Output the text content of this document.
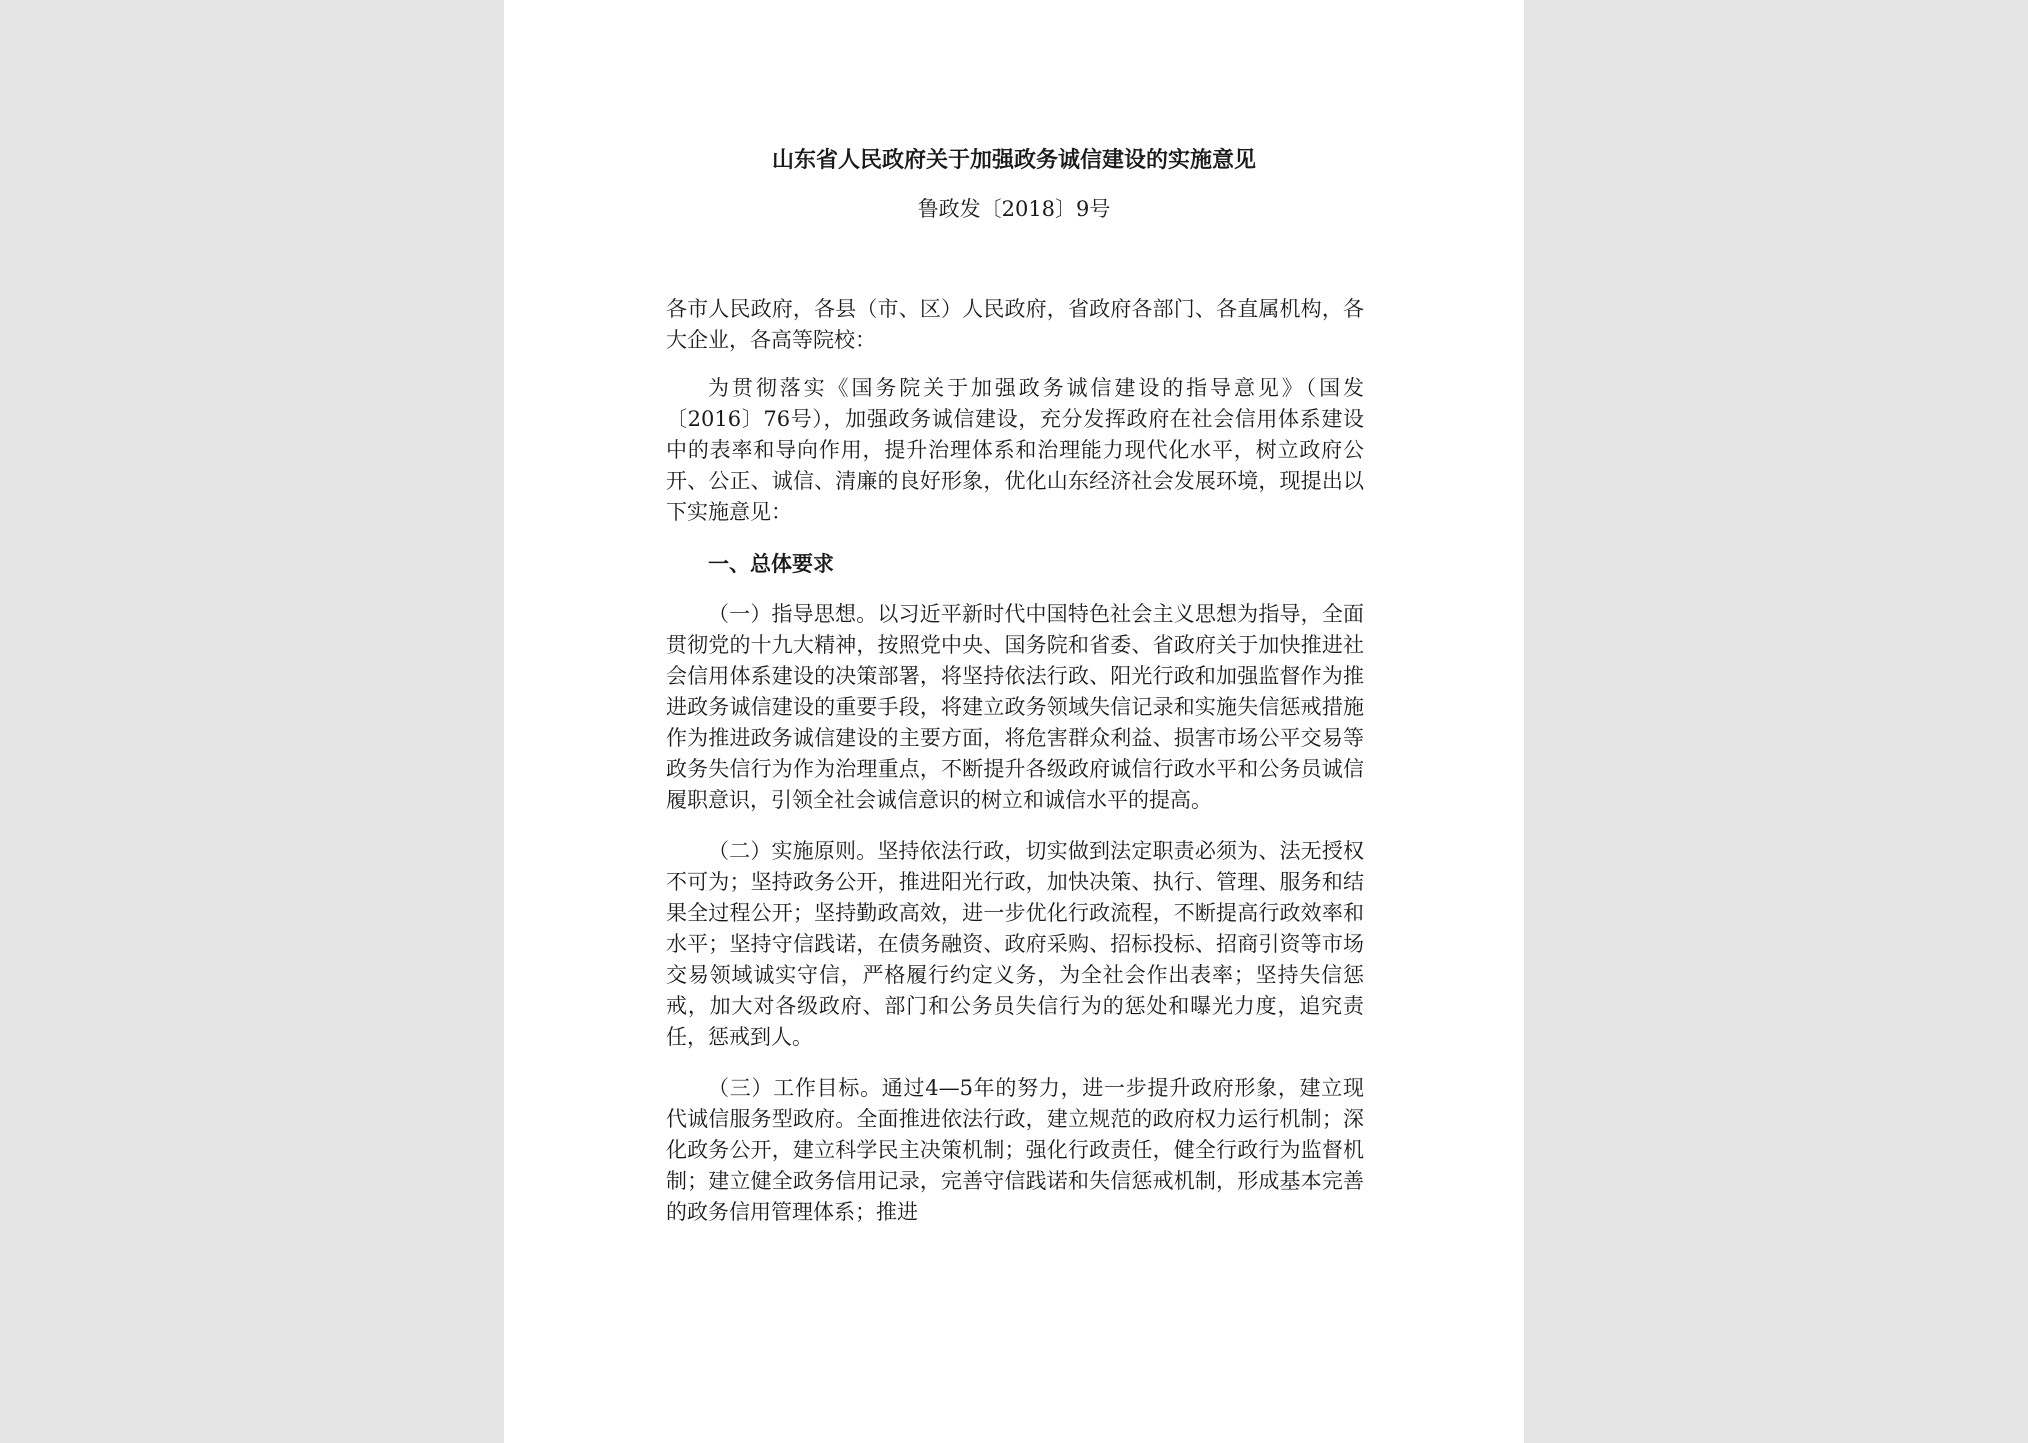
山东省人民政府关于加强政务诚信建设的实施意见
鲁政发〔2018〕9号

各市人民政府，各县（市、区）人民政府，省政府各部门、各直属机构，各大企业，各高等院校：

为贯彻落实《国务院关于加强政务诚信建设的指导意见》（国发〔2016〕76号），加强政务诚信建设，充分发挥政府在社会信用体系建设中的表率和导向作用，提升治理体系和治理能力现代化水平，树立政府公开、公正、诚信、清廉的良好形象，优化山东经济社会发展环境，现提出以下实施意见：

一、总体要求

（一）指导思想。以习近平新时代中国特色社会主义思想为指导，全面贯彻党的十九大精神，按照党中央、国务院和省委、省政府关于加快推进社会信用体系建设的决策部署，将坚持依法行政、阳光行政和加强监督作为推进政务诚信建设的重要手段，将建立政务领域失信记录和实施失信惩戒措施作为推进政务诚信建设的主要方面，将危害群众利益、损害市场公平交易等政务失信行为作为治理重点，不断提升各级政府诚信行政水平和公务员诚信履职意识，引领全社会诚信意识的树立和诚信水平的提高。

（二）实施原则。坚持依法行政，切实做到法定职责必须为、法无授权不可为；坚持政务公开，推进阳光行政，加快决策、执行、管理、服务和结果全过程公开；坚持勤政高效，进一步优化行政流程，不断提高行政效率和水平；坚持守信践诺，在债务融资、政府采购、招标投标、招商引资等市场交易领域诚实守信，严格履行约定义务，为全社会作出表率；坚持失信惩戒，加大对各级政府、部门和公务员失信行为的惩处和曝光力度，追究责任，惩戒到人。

（三）工作目标。通过4—5年的努力，进一步提升政府形象，建立现代诚信服务型政府。全面推进依法行政，建立规范的政府权力运行机制；深化政务公开，建立科学民主决策机制；强化行政责任，健全行政行为监督机制；建立健全政务信用记录，完善守信践诺和失信惩戒机制，形成基本完善的政务信用管理体系；推进
